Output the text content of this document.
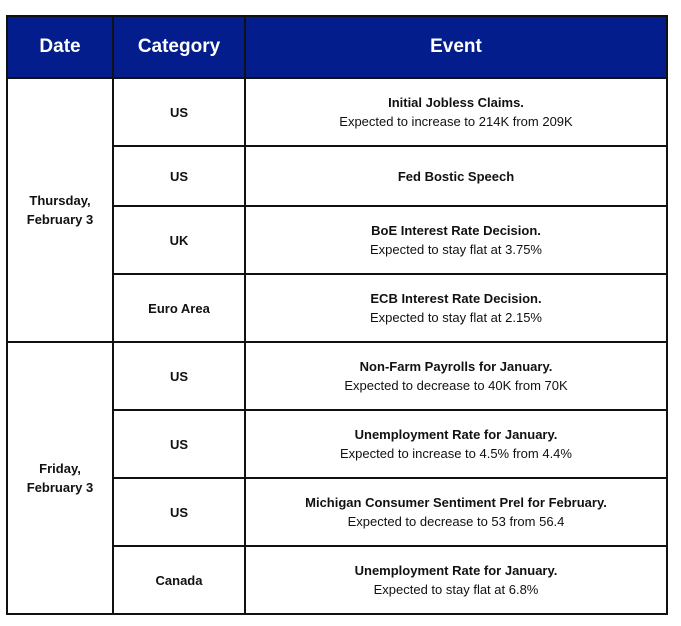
Date	Category	Event
Thursday,
February 3	US	Initial Jobless Claims.
Expected to increase to 214K from 209K

	US	Fed Bostic Speech

	UK	BoE Interest Rate Decision.
Expected to stay flat at 3.75%

	Euro Area	ECB Interest Rate Decision.
Expected to stay flat at 2.15%

Friday,
February 3	US	Non-Farm Payrolls for January.
Expected to decrease to 40K from 70K

	US	Unemployment Rate for January.
Expected to increase to 4.5% from 4.4%

	US	Michigan Consumer Sentiment Prel for February.
Expected to decrease to 53 from 56.4

	Canada	Unemployment Rate for January.
Expected to stay flat at 6.8%
